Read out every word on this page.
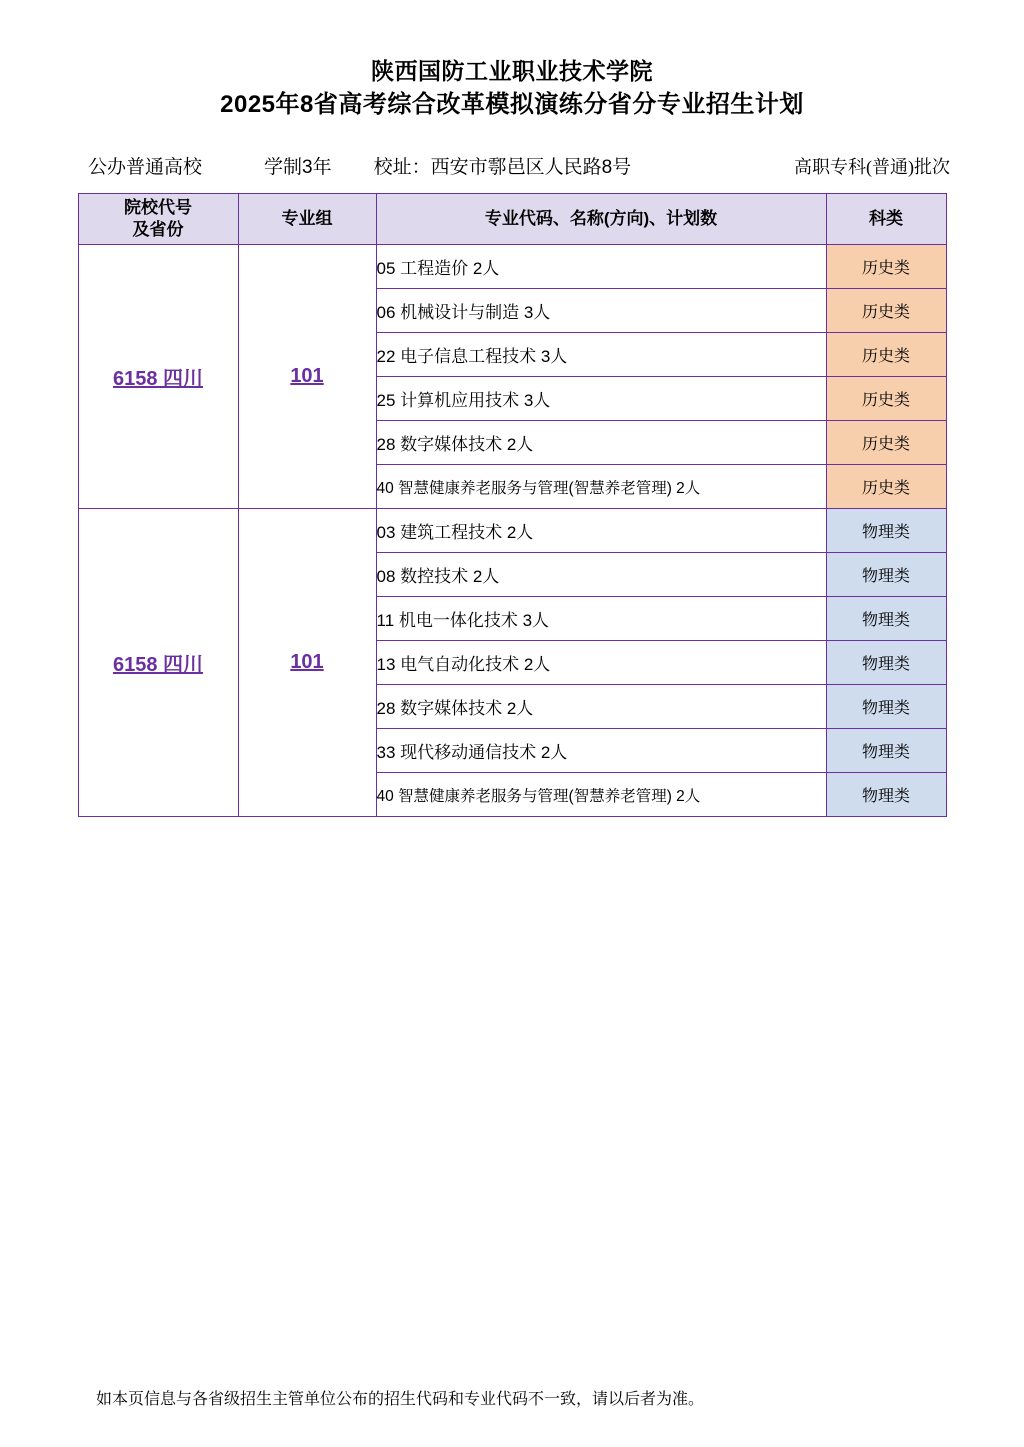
陕西国防工业职业技术学院
2025年8省高考综合改革模拟演练分省分专业招生计划
公办普通高校	学制3年 校址：西安市鄠邑区人民路8号	高职专科(普通)批次
院校代号
及省份	专业组	专业代码、名称(方向)、计划数	科类
6158 四川	101	05 工程造价 2人	历史类
		06 机械设计与制造 3人	历史类
		22 电子信息工程技术 3人	历史类
		25 计算机应用技术 3人	历史类
		28 数字媒体技术 2人	历史类
		40 智慧健康养老服务与管理(智慧养老管理) 2人	历史类
6158 四川	101	03 建筑工程技术 2人	物理类
		08 数控技术 2人	物理类
		11 机电一体化技术 3人	物理类
		13 电气自动化技术 2人	物理类
		28 数字媒体技术 2人	物理类
		33 现代移动通信技术 2人	物理类
		40 智慧健康养老服务与管理(智慧养老管理) 2人	物理类
如本页信息与各省级招生主管单位公布的招生代码和专业代码不一致，请以后者为准。
